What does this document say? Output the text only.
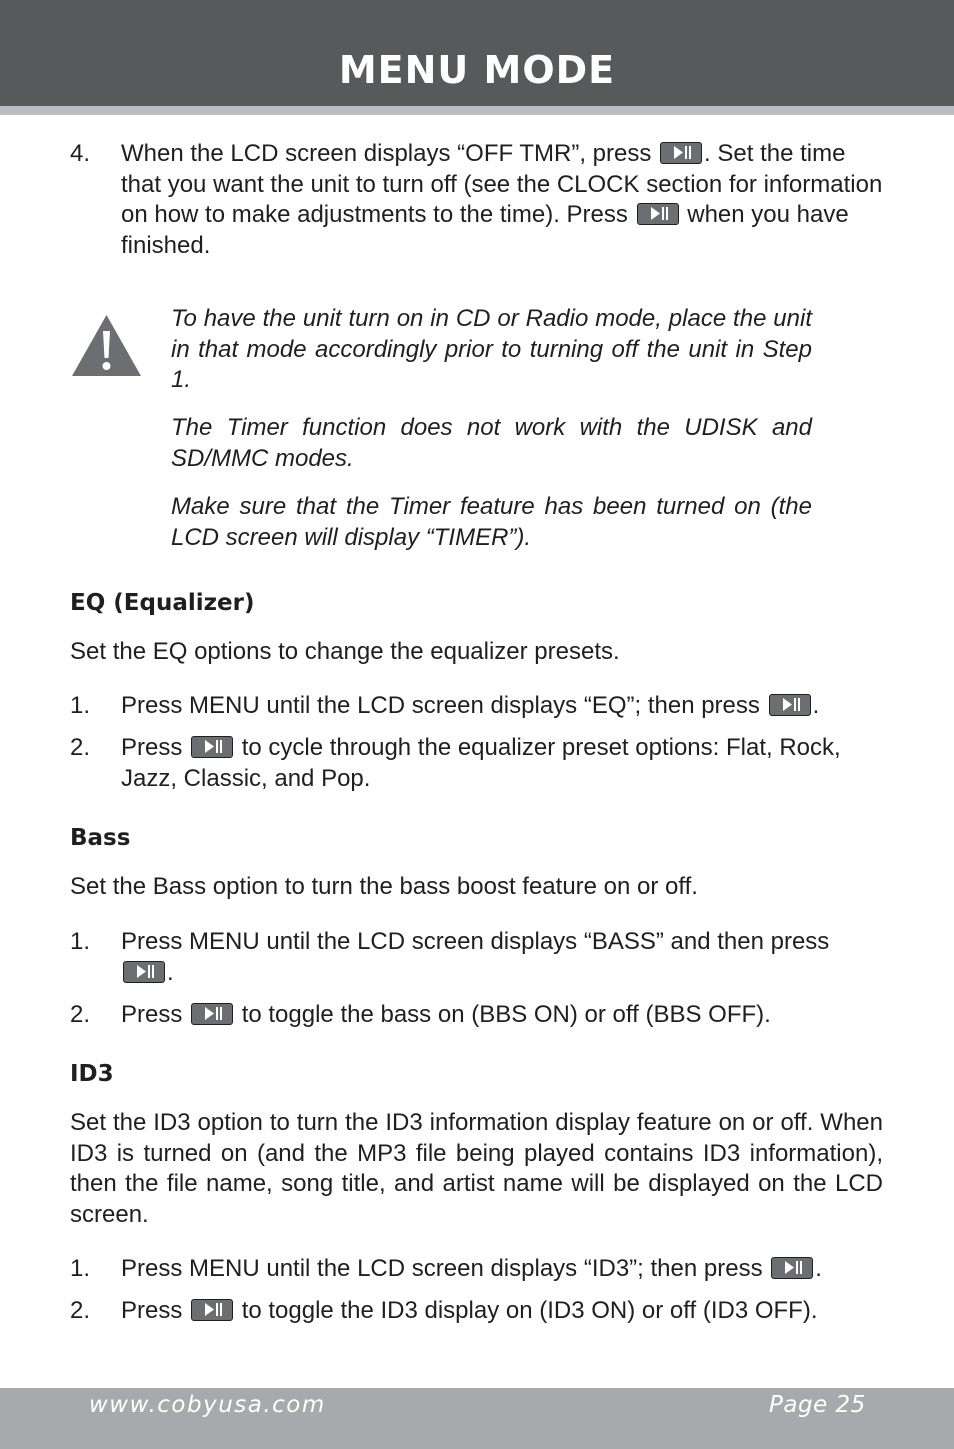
MENU MODE
4. When the LCD screen displays “OFF TMR”, press . Set the time that you want the unit to turn off (see the CLOCK section for information on how to make adjustments to the time). Press when you have finished.
To have the unit turn on in CD or Radio mode, place the unit in that mode accordingly prior to turning off the unit in Step 1.
The Timer function does not work with the UDISK and SD/MMC modes.
Make sure that the Timer feature has been turned on (the LCD screen will display “TIMER”).
EQ (Equalizer)
Set the EQ options to change the equalizer presets.
1. Press MENU until the LCD screen displays “EQ”; then press .
2. Press to cycle through the equalizer preset options: Flat, Rock, Jazz, Classic, and Pop.
Bass
Set the Bass option to turn the bass boost feature on or off.
1. Press MENU until the LCD screen displays “BASS” and then press
.
2. Press to toggle the bass on (BBS ON) or off (BBS OFF).
ID3
Set the ID3 option to turn the ID3 information display feature on or off. When ID3 is turned on (and the MP3 file being played contains ID3 information), then the file name, song title, and artist name will be displayed on the LCD screen.
1. Press MENU until the LCD screen displays “ID3”; then press .
2. Press to toggle the ID3 display on (ID3 ON) or off (ID3 OFF).
www.cobyusa.com	Page 25
